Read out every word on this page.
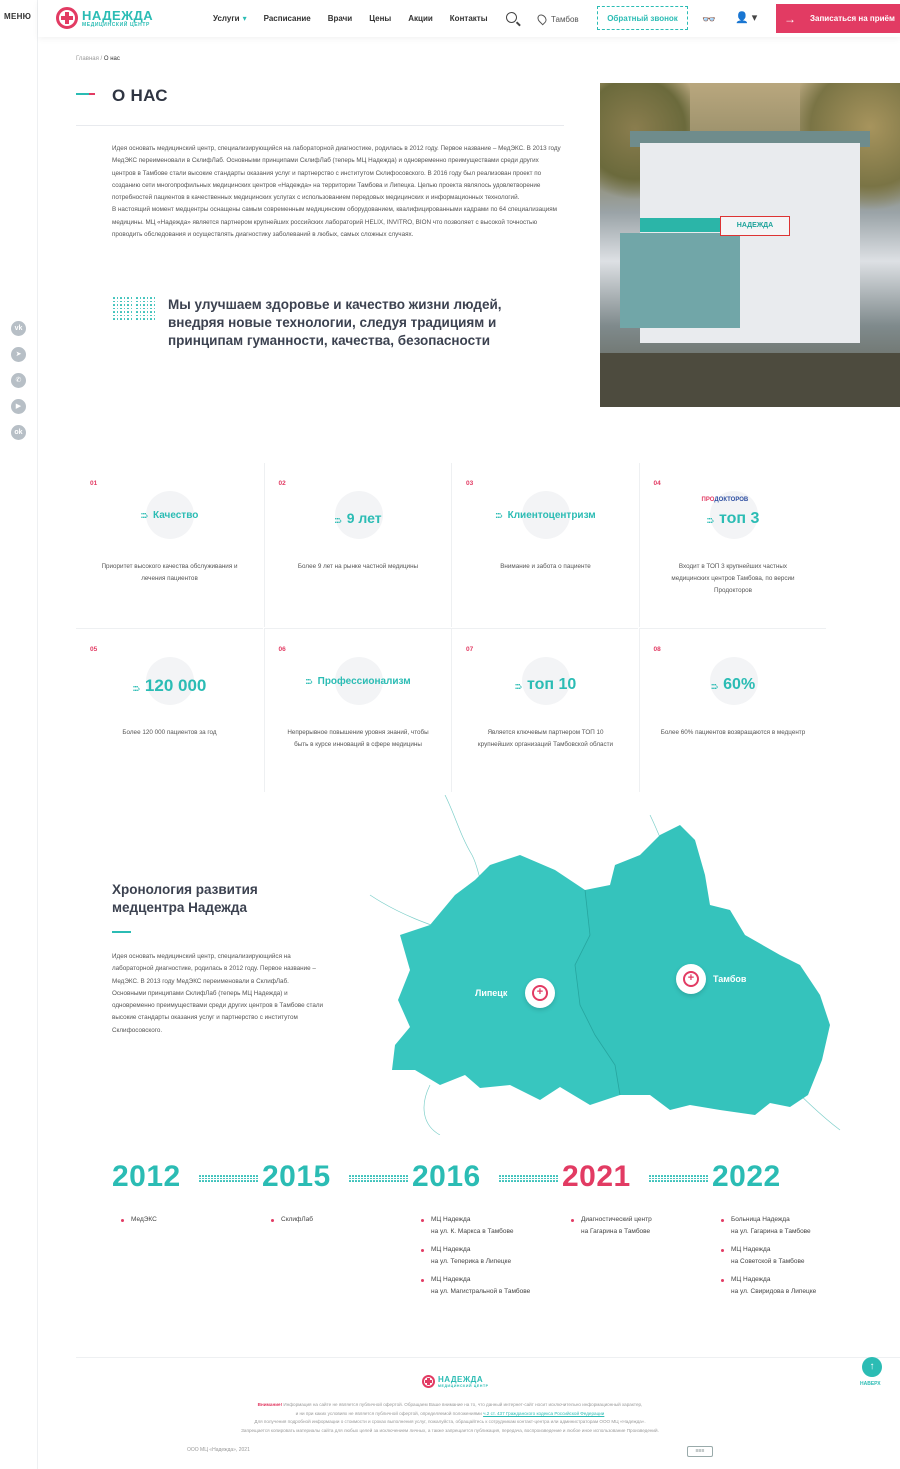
МЕНЮ
vk
➤
✆
▶
ok
НАДЕЖДА
МЕДИЦИНСКИЙ ЦЕНТР
Услуги ▾ Расписание Врачи Цены Акции Контакты	Тамбов	Обратный звонок	👓 👤 ▾ → Записаться на приём
Главная / О нас
О НАС

Идея основать медицинский центр, специализирующийся на лабораторной диагностике, родилась в 2012 году. Первое название – МедЭКС. В 2013 году МедЭКС переименовали в СклифЛаб. Основными принципами СклифЛаб (теперь МЦ Надежда) и одновременно преимуществами среди других центров в Тамбове стали высокие стандарты оказания услуг и партнерство с институтом Склифосовского. В 2016 году был реализован проект по созданию сети многопрофильных медицинских центров «Надежда» на территории Тамбова и Липецка. Целью проекта являлось удовлетворение потребностей пациентов в качественных медицинских услугах с использованием передовых медицинских и информационных технологий.

В настоящий момент медцентры оснащены самым современным медицинским оборудованием, квалифицированными кадрами по 64 специализациям медицины. МЦ «Надежда» является партнером крупнейших российских лабораторий HELIX, INVITRO, BION что позволяет с высокой точностью проводить обследования и осуществлять диагностику заболеваний в любых, самых сложных случаях.

Мы улучшаем здоровье и качество жизни людей, внедряя новые технологии, следуя традициям и принципам гуманности, качества, безопасности
НАДЕЖДА
01
⁚⁚⁚› Качество
Приоритет высокого качества обслуживания и лечения пациентов
02
⁚⁚⁚› 9 лет
Более 9 лет на рынке частной медицины
03
⁚⁚⁚› Клиентоцентризм
Внимание и забота о пациенте
04
⁚⁚⁚› топ 3
Входит в ТОП 3 крупнейших частных медицинских центров Тамбова, по версии Продокторов
ПРОДОКТОРОВ
05
⁚⁚⁚› 120 000
Более 120 000 пациентов за год
06
⁚⁚⁚› Профессионализм
Непрерывное повышение уровня знаний, чтобы быть в курсе инноваций в сфере медицины
07
⁚⁚⁚› топ 10
Является ключевым партнером ТОП 10 крупнейших организаций Тамбовской области
08
⁚⁚⁚› 60%
Более 60% пациентов возвращаются в медцентр
Хронология развития медцентра Надежда
Идея основать медицинский центр, специализирующийся на лабораторной диагностике, родилась в 2012 году. Первое название – МедЭКС. В 2013 году МедЭКС переименовали в СклифЛаб. Основными принципами СклифЛаб (теперь МЦ Надежда) и одновременно преимуществами среди других центров в Тамбове стали высокие стандарты оказания услуг и партнерство с институтом Склифосовского.
+
Липецк
+
Тамбов
2012
МедЭКС
2015
СклифЛаб
2016
МЦ Надежда
на ул. К. Маркса в Тамбове
МЦ Надежда
на ул. Теперика в Липецке
МЦ Надежда
на ул. Магистральной в Тамбове
2021
Диагностический центр
на Гагарина в Тамбове
2022
Больница Надежда
на ул. Гагарина в Тамбове
МЦ Надежда
на Советской в Тамбове
МЦ Надежда
на ул. Свиридова в Липецке
НАДЕЖДА
МЕДИЦИНСКИЙ ЦЕНТР
Внимание! Информация на сайте не является публичной офертой. Обращаем Ваше внимание на то, что данный интернет-сайт носит исключительно информационный характер,
и ни при каких условиях не является публичной офертой, определяемой положениями ч.2 ст. 437 Гражданского кодекса Российской Федерации
Для получения подробной информации о стоимости и сроках выполнения услуг, пожалуйста, обращайтесь к сотрудникам контакт-центра или администраторам ООО МЦ «Надежда».
Запрещается копировать материалы сайта для любых целей за исключением личных, а также запрещается публикация, передача, воспроизведение и любое иное использование Произведений.
ООО МЦ «Надежда», 2021	≡≡≡
↑
НАВЕРХ
